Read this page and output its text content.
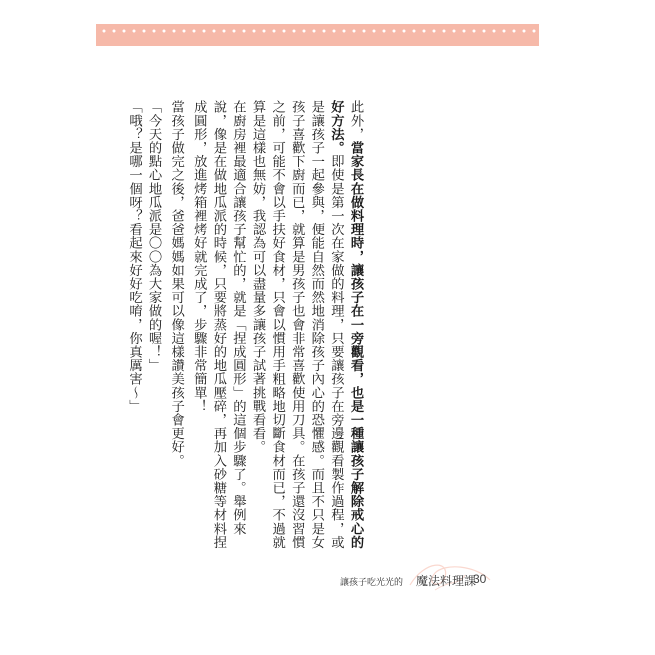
此外，當家長在做料理時，讓孩子在一旁觀看，也是一種讓孩子解除戒心的好方法。即使是第一次在家做的料理，只要讓孩子在旁邊觀看製作過程，或是讓孩子一起參與，便能自然而然地消除孩子內心的恐懼感。而且不只是女孩子喜歡下廚而已，就算是男孩子也會非常喜歡使用刀具。在孩子還沒習慣之前，可能不會以手扶好食材，只會以慣用手粗略地切斷食材而已，不過就算是這樣也無妨，我認為可以盡量多讓孩子試著挑戰看看。

在廚房裡最適合讓孩子幫忙的，就是「捏成圓形」的這個步驟了。舉例來說，像是在做地瓜派的時候，只要將蒸好的地瓜壓碎，再加入砂糖等材料捏成圓形，放進烤箱裡烤好就完成了，步驟非常簡單！

當孩子做完之後，爸爸媽媽如果可以像這樣讚美孩子會更好。

「今天的點心地瓜派是〇〇為大家做的喔！」

「哦？是哪一個呀？看起來好好吃唷，你真厲害～」

讓孩子吃光光的 魔法料理課
30
